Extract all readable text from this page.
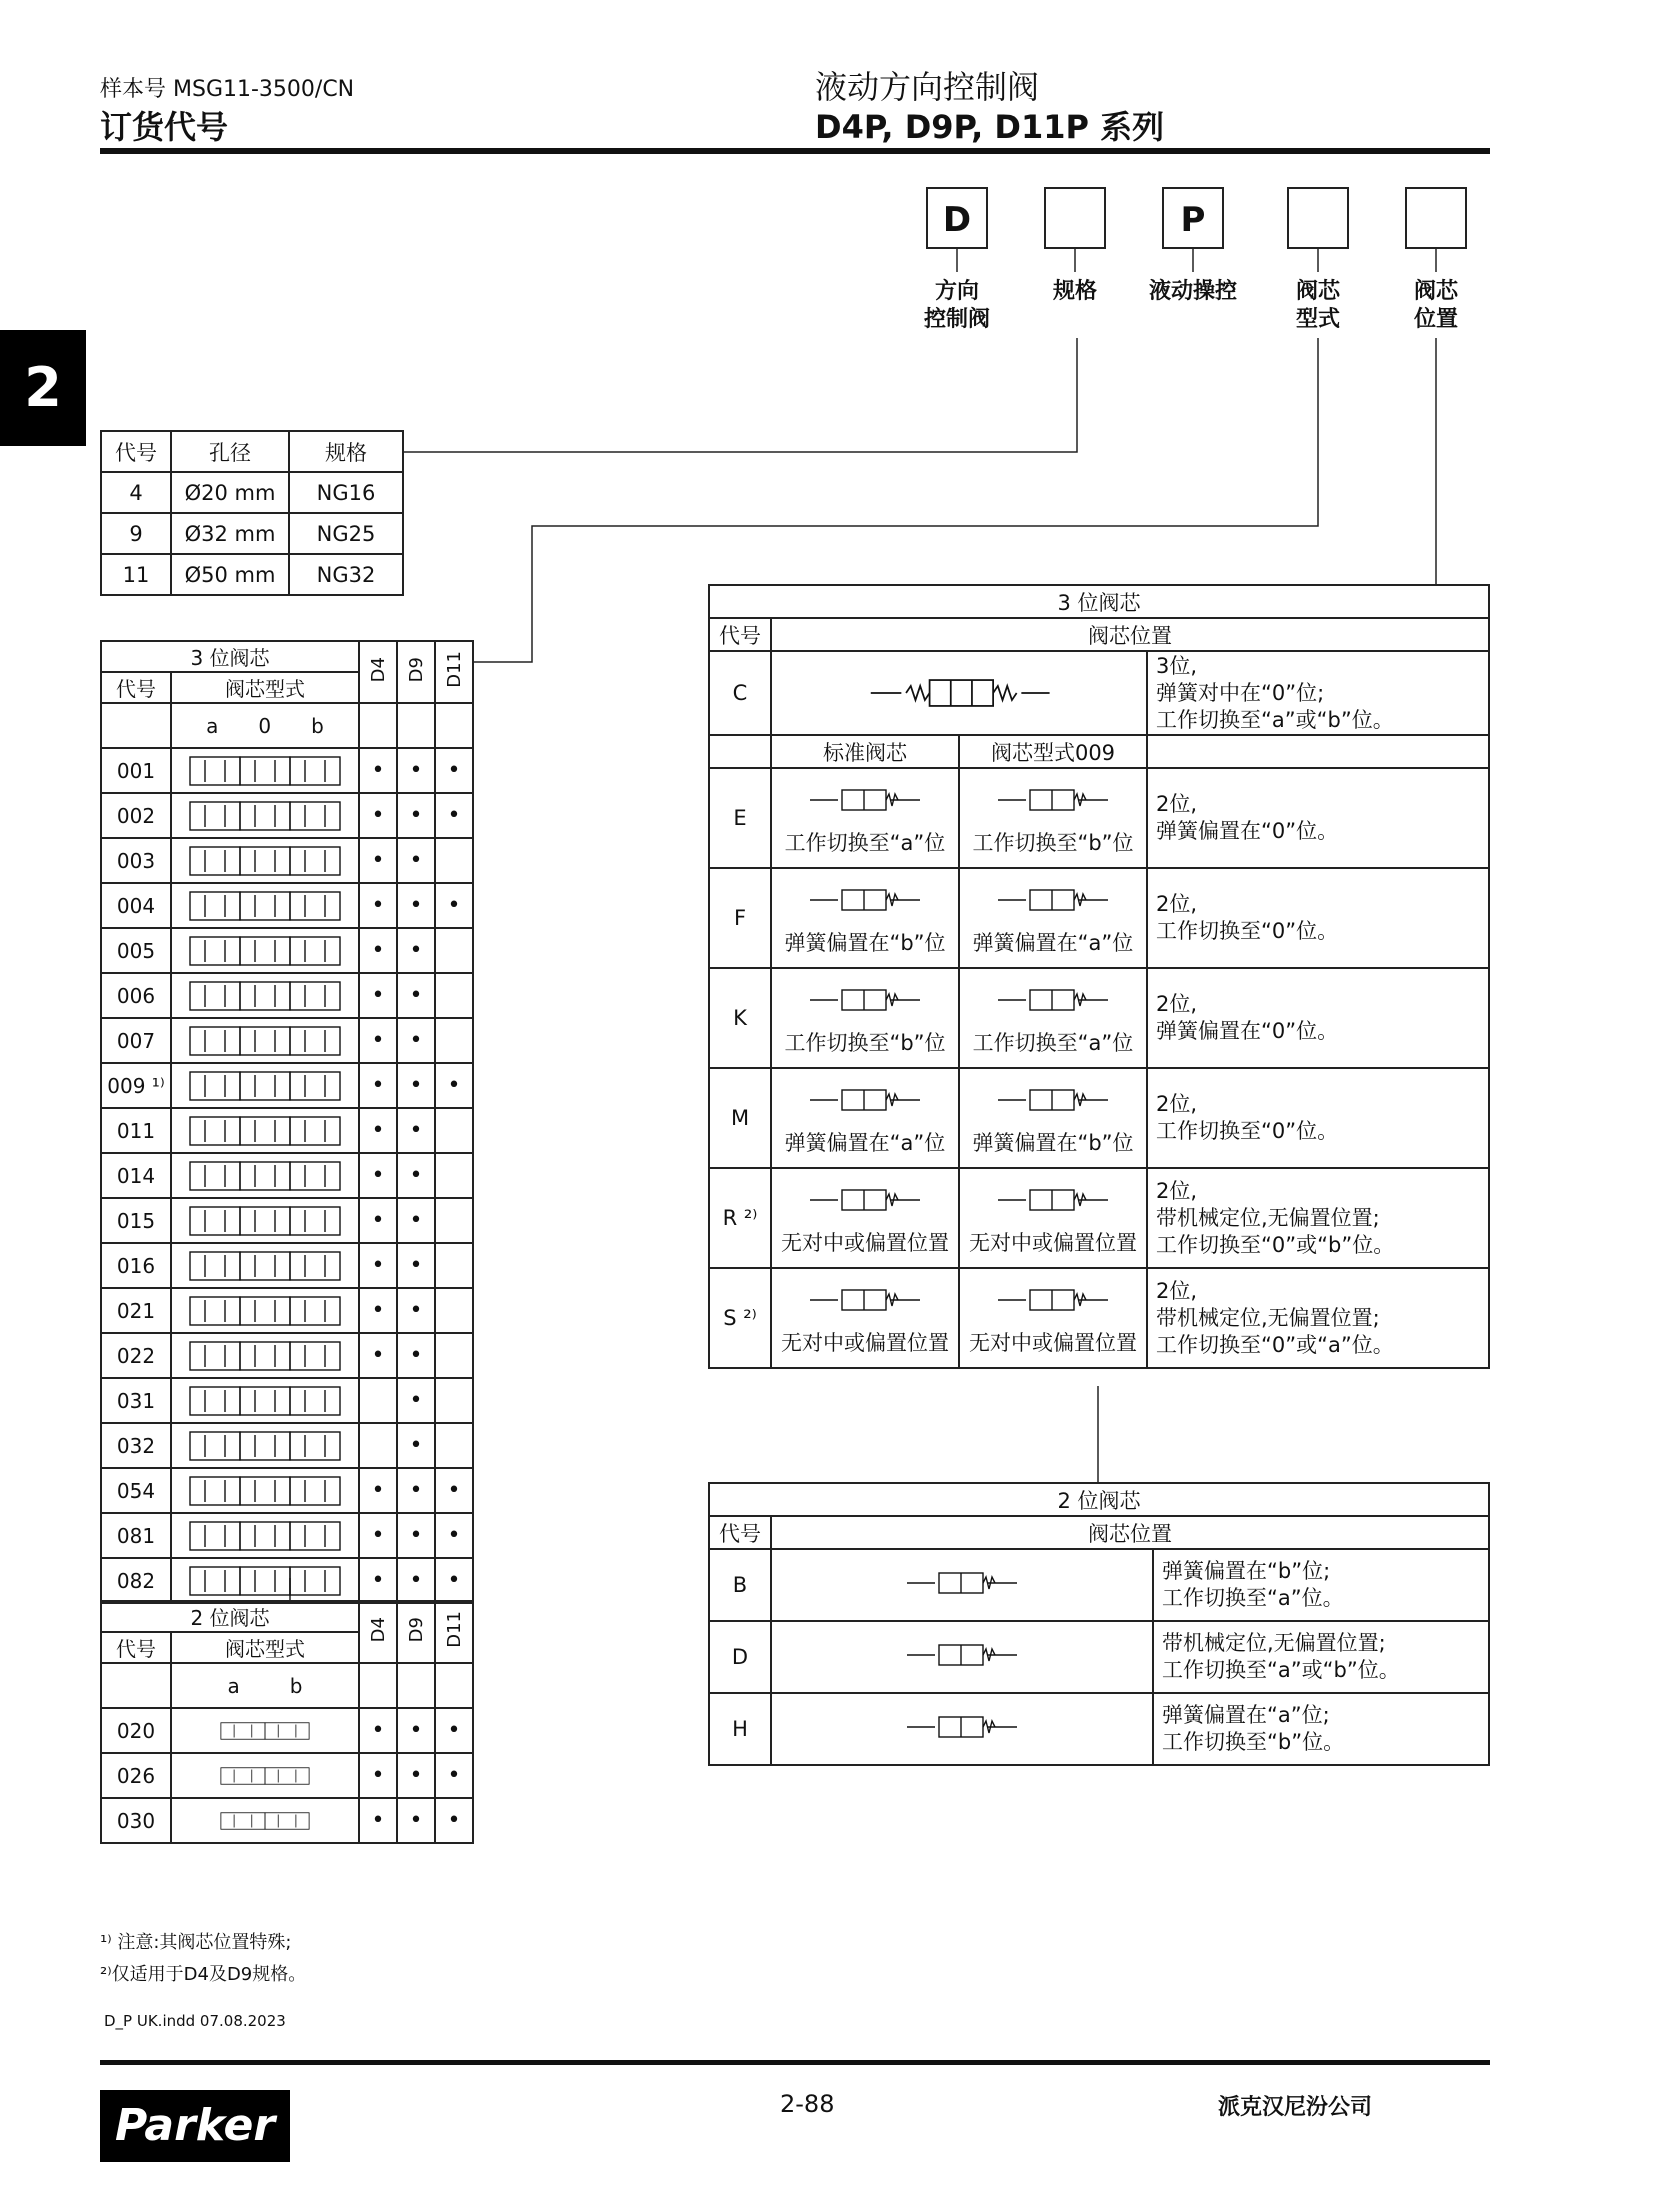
样本号 MSG11-3500/CN
订货代号
液动方向控制阀
D4P, D9P, D11P 系列
2
D	P
方向
控制阀
规格	液动操控	阀芯
型式
阀芯
位置
代号	孔径	规格
4	Ø20 mm	NG16
9	Ø32 mm	NG25
11	Ø50 mm	NG32
3 位阀芯		D4	D9	D11
代号	阀芯型式			
	a 0 b			
001		•	•	•
002		•	•	•
003		•	•	
004		•	•	•
005		•	•	
006		•	•	
007		•	•	
009 ¹⁾		•	•	•
011		•	•	
014		•	•	
015		•	•	
016		•	•	
021		•	•	
022		•	•	
031			•	
032			•	
054		•	•	•
081		•	•	•
082		•	•	•
2 位阀芯		D4	D9	D11
代号	阀芯型式			
	a b			
020		•	•	•
026		•	•	•
030		•	•	•
3 位阀芯			
代号	阀芯位置		
C			3位,
弹簧对中在“0”位;
工作切换至“a”或“b”位。

	标准阀芯	阀芯型式009	
E	工作切换至“a”位	工作切换至“b”位	2位,
弹簧偏置在“0”位。

F	弹簧偏置在“b”位	弹簧偏置在“a”位	2位,
工作切换至“0”位。

K	工作切换至“b”位	工作切换至“a”位	2位,
弹簧偏置在“0”位。

M	弹簧偏置在“a”位	弹簧偏置在“b”位	2位,
工作切换至“0”位。

R ²⁾	无对中或偏置位置	无对中或偏置位置	2位,
带机械定位,无偏置位置;
工作切换至“0”或“b”位。

S ²⁾	无对中或偏置位置	无对中或偏置位置	2位,
带机械定位,无偏置位置;
工作切换至“0”或“a”位。
2 位阀芯		
代号	阀芯位置	
B		弹簧偏置在“b”位;
工作切换至“a”位。

D		带机械定位,无偏置位置;
工作切换至“a”或“b”位。

H		弹簧偏置在“a”位;
工作切换至“b”位。
¹⁾ 注意:其阀芯位置特殊;
²⁾仅适用于D4及D9规格。
D_P UK.indd 07.08.2023
Parker	2-88	派克汉尼汾公司
